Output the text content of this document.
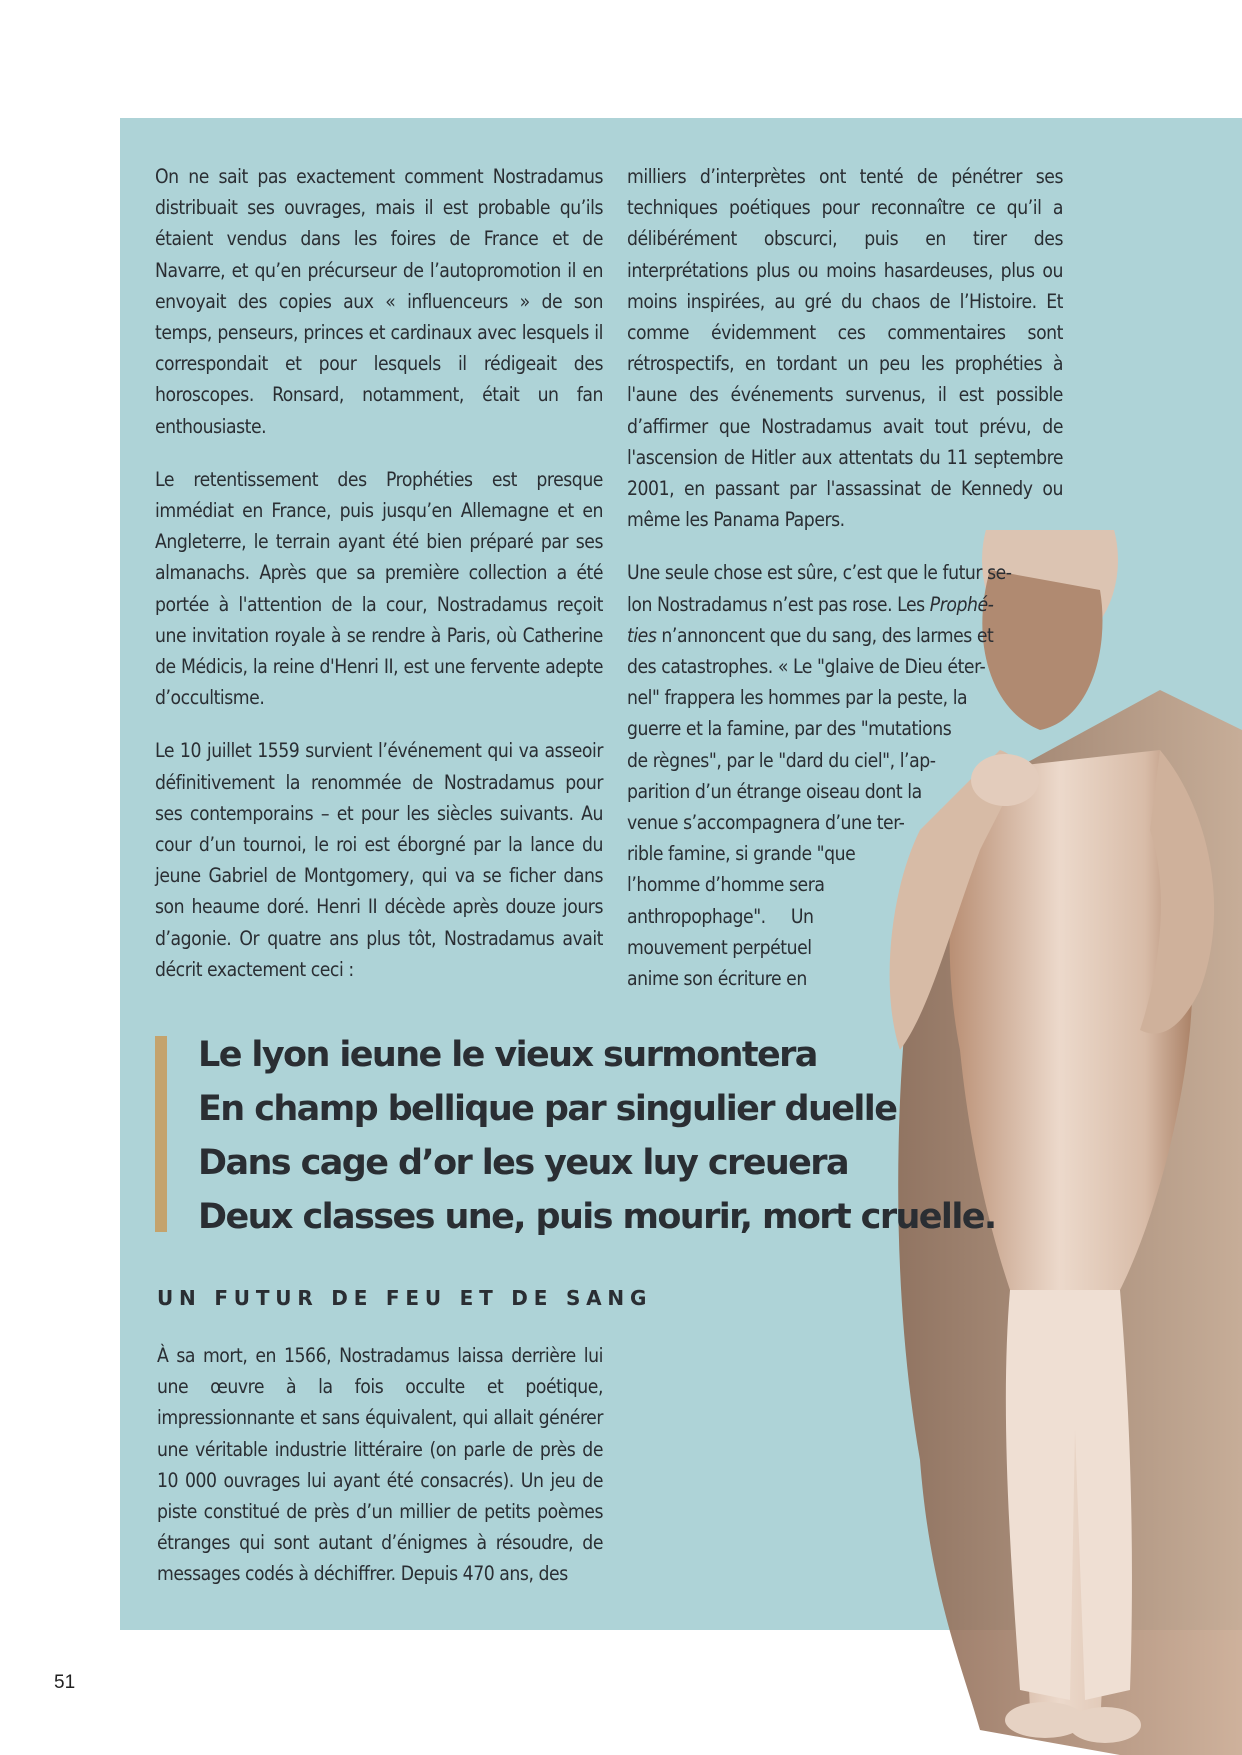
On ne sait pas exactement comment Nostradamus distribuait ses ouvrages, mais il est probable qu’ils étaient vendus dans les foires de France et de Navarre, et qu’en précurseur de l’autopromotion il en envoyait des copies aux « influenceurs » de son temps, penseurs, princes et cardinaux avec lesquels il correspondait et pour lesquels il rédigeait des horoscopes. Ronsard, notamment, était un fan enthousiaste.

Le retentissement des Prophéties est presque immédiat en France, puis jusqu’en Allemagne et en Angleterre, le terrain ayant été bien préparé par ses almanachs. Après que sa première collection a été portée à l'attention de la cour, Nostradamus reçoit une invitation royale à se rendre à Paris, où Catherine de Médicis, la reine d'Henri II, est une fervente adepte d’occultisme.

Le 10 juillet 1559 survient l’événement qui va asseoir définitivement la renommée de Nostradamus pour ses contemporains – et pour les siècles suivants. Au cour d’un tournoi, le roi est éborgné par la lance du jeune Gabriel de Montgomery, qui va se ficher dans son heaume doré. Henri II décède après douze jours d’agonie. Or quatre ans plus tôt, Nostradamus avait décrit exactement ceci :

milliers d’interprètes ont tenté de pénétrer ses techniques poétiques pour reconnaître ce qu’il a délibérément obscurci, puis en tirer des interprétations plus ou moins hasardeuses, plus ou moins inspirées, au gré du chaos de l’Histoire. Et comme évidemment ces commentaires sont rétrospectifs, en tordant un peu les prophéties à l'aune des événements survenus, il est possible d’affirmer que Nostradamus avait tout prévu, de l'ascension de Hitler aux attentats du 11 septembre 2001, en passant par l'assassinat de Kennedy ou même les Panama Papers.

Une seule chose est sûre, c’est que le futur se-
lon Nostradamus n’est pas rose. Les Prophé-
ties n’annoncent que du sang, des larmes et
des catastrophes. « Le "glaive de Dieu éter-
nel" frappera les hommes par la peste, la
guerre et la famine, par des "mutations
de règnes", par le "dard du ciel", l’ap-
parition d’un étrange oiseau dont la
venue s’accompagnera d’une ter-
rible famine, si grande "que
l’homme d’homme sera
anthropophage".     Un
mouvement perpétuel
anime son écriture en

Le lyon ieune le vieux surmontera
En champ bellique par singulier duelle
Dans cage d’or les yeux luy creuera
Deux classes une, puis mourir, mort cruelle.
UN FUTUR DE FEU ET DE SANG

À sa mort, en 1566, Nostradamus laissa derrière lui une œuvre à la fois occulte et poétique, impressionnante et sans équivalent, qui allait générer une véritable industrie littéraire (on parle de près de 10 000 ouvrages lui ayant été consacrés). Un jeu de piste constitué de près d’un millier de petits poèmes étranges qui sont autant d’énigmes à résoudre, de messages codés à déchiffrer. Depuis 470 ans, des

51
